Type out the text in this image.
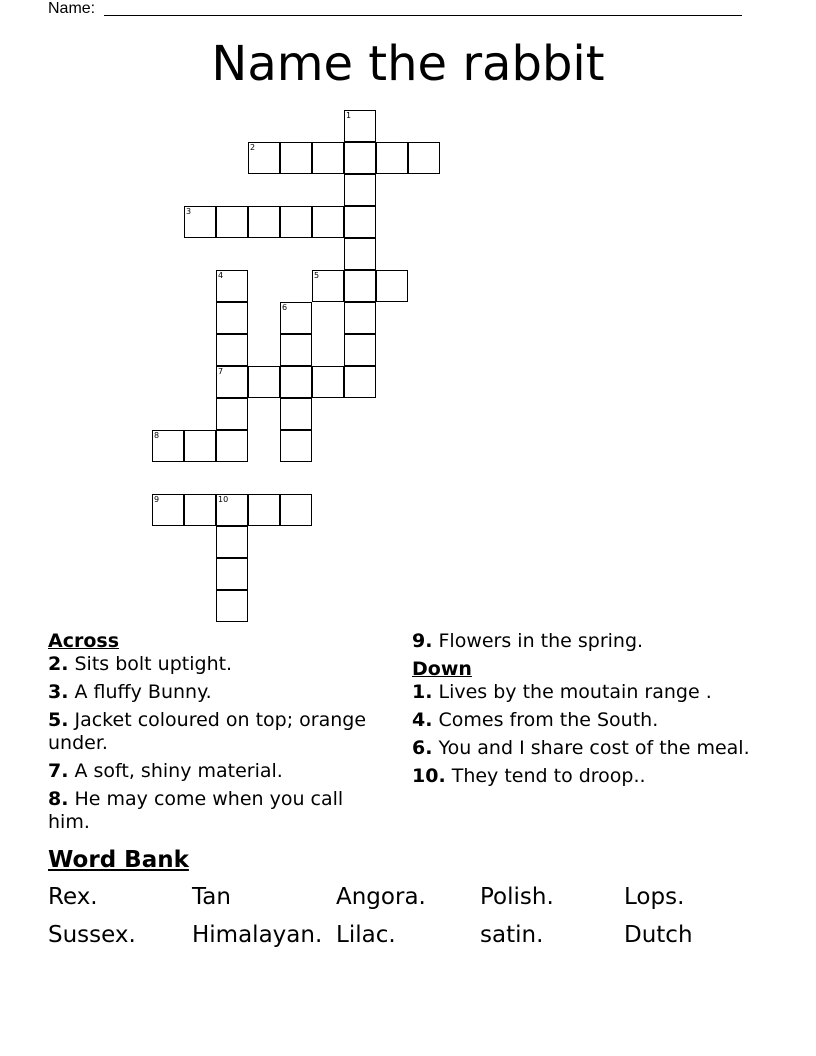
Name:
Name the rabbit
1
2
3
4	5
6
7
8
9	10
Across
2. Sits bolt uptight.
3. A fluffy Bunny.
5. Jacket coloured on top; orange under.
7. A soft, shiny material.
8. He may come when you call him.
9. Flowers in the spring.
Down
1. Lives by the moutain range .
4. Comes from the South.
6. You and I share cost of the meal.
10. They tend to droop..
Word Bank
Rex.	Tan	Angora.	Polish.	Lops.
Sussex.	Himalayan. Lilac.	satin.	Dutch
